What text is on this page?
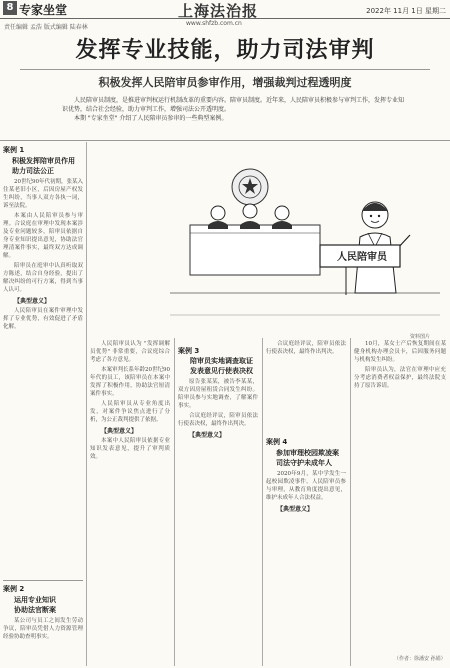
8 专家坐堂	上海法治报	2022年 11月 1日 星期二
责任编辑 孟浩 版式编辑 陆春林
www.shfzb.com.cn
发挥专业技能，助力司法审判
积极发挥人民陪审员参审作用，增强裁判过程透明度

人民陪审员制度，是推进审判权运行机制改革的重要内容。陪审员制度。近年来，人民陪审员积极参与审判工作，发挥专业知识优势，结合社会经验，助力审判工作，增强司法公开透明度。

本期 "专家坐堂" 介绍了人民陪审员参审的一些典型案例。

案例 1
积极发挥陪审员作用
助力司法公正

20世纪90年代初期，张某入住某老旧小区，后因房屋产权发生纠纷，当事人双方各执一词，诉至法院。

本案由人民陪审员参与审理。合议庭在审理中发现本案涉及专业问题较多，陪审员依据自身专业知识提出意见，协助法官理清案件事实，最终双方达成调解。

陪审员在庭审中认真听取双方陈述，结合自身经验，提出了解决纠纷的可行方案，得到当事人认可。

【典型意义】

人民陪审员在案件审理中发挥了专业优势，有效促进了矛盾化解。

案例 2
运用专业知识
协助法官断案

某公司与员工之间发生劳动争议，陪审员凭借人力资源管理经验协助查明事实。

人民陪审员
资料图片

人民陪审员认为 "发挥调解员优势" 非常重要，合议庭综合考虑了各方意见。

本案审判长系年龄20世纪90年代的员工，该陪审员在本案中发挥了积极作用，协助法官厘清案件事实。

人民陪审员从专业角度出发，对案件争议焦点进行了分析，为公正裁判提供了依据。

【典型意义】

本案中人民陪审员依据专业知识发表意见，提升了审判质效。

案例 3
陪审员实地调查取证
发表意见行使表决权

原告张某某，被告李某某，双方因房屋租赁合同发生纠纷。陪审员参与实地调查，了解案件事实。

合议庭经评议，陪审员依法行使表决权，最终作出判决。

【典型意义】

合议庭经评议，陪审员依法行使表决权，最终作出判决。

案例 4
参加审理校园欺凌案
司法守护未成年人

2020年9月，某中学发生一起校园欺凌事件。人民陪审员参与审理，从教育角度提出意见，维护未成年人合法权益。

【典型意义】

10月，某女士产后恢复期间在某健身机构办理会员卡，后因服务问题与机构发生纠纷。

陪审员认为，法官在审理中应充分考虑消费者权益保护，最终法院支持了原告诉请。

（作者：徐潘安 孙娟）
